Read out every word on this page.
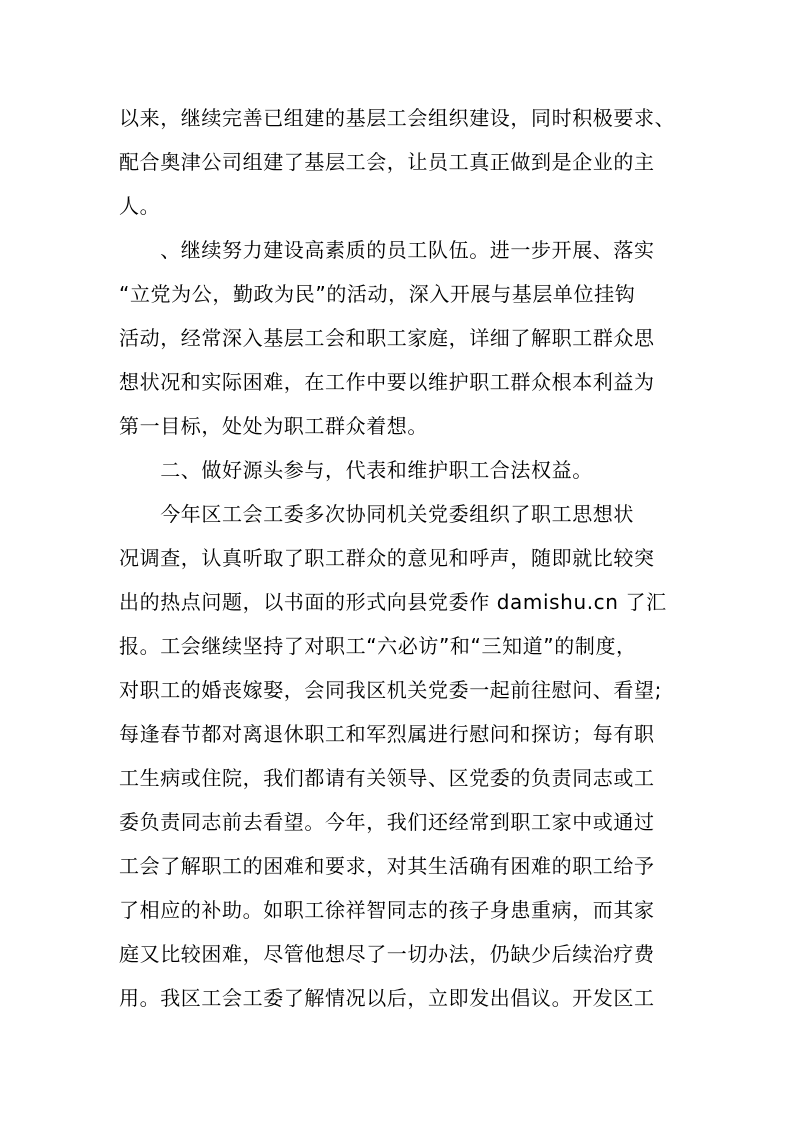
以来，继续完善已组建的基层工会组织建设，同时积极要求、
配合奥津公司组建了基层工会，让员工真正做到是企业的主
人。
　　、继续努力建设高素质的员工队伍。进一步开展、落实
“立党为公，勤政为民”的活动，深入开展与基层单位挂钩
活动，经常深入基层工会和职工家庭，详细了解职工群众思
想状况和实际困难，在工作中要以维护职工群众根本利益为
第一目标，处处为职工群众着想。
　　二、做好源头参与，代表和维护职工合法权益。
　　今年区工会工委多次协同机关党委组织了职工思想状
况调查，认真听取了职工群众的意见和呼声，随即就比较突
出的热点问题，以书面的形式向县党委作 damishu.cn 了汇
报。工会继续坚持了对职工“六必访”和“三知道”的制度，
对职工的婚丧嫁娶，会同我区机关党委一起前往慰问、看望;
每逢春节都对离退休职工和军烈属进行慰问和探访；每有职
工生病或住院，我们都请有关领导、区党委的负责同志或工
委负责同志前去看望。今年，我们还经常到职工家中或通过
工会了解职工的困难和要求，对其生活确有困难的职工给予
了相应的补助。如职工徐祥智同志的孩子身患重病，而其家
庭又比较困难，尽管他想尽了一切办法，仍缺少后续治疗费
用。我区工会工委了解情况以后，立即发出倡议。开发区工
